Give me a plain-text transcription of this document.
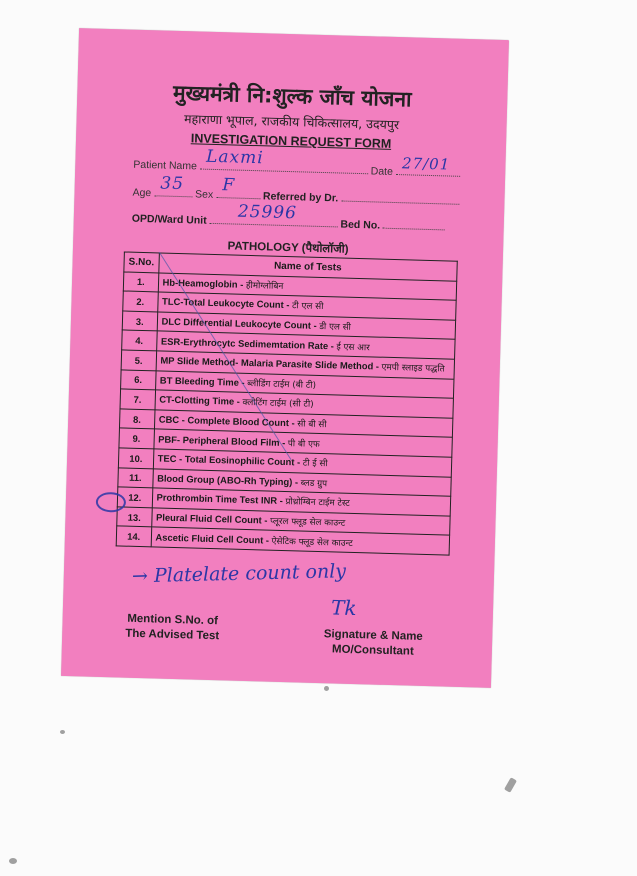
मुख्यमंत्री नि:शुल्क जाँच योजना
महाराणा भूपाल, राजकीय चिकित्सालय, उदयपुर
INVESTIGATION REQUEST FORM
Patient Name Laxmi
Date 27/01
Age 35
Sex F
Referred by Dr.
OPD/Ward Unit 25996
Bed No.
PATHOLOGY (पैथोलॉजी)
S.No.	Name of Tests
1.	Hb-Heamoglobin - हीमोग्लोबिन
2.	TLC-Total Leukocyte Count - टी एल सी
3.	DLC Differential Leukocyte Count - डी एल सी
4.	ESR-Erythrocytc Sedimemtation Rate - ई एस आर
5.	MP Slide Method- Malaria Parasite Slide Method - एमपी स्लाइड पद्धति
6.	BT Bleeding Time - ब्लीडिंग टाईम (बी टी)
7.	CT-Clotting Time - क्लोटिंग टाईम (सी टी)
8.	CBC - Complete Blood Count - सी बी सी
9.	PBF- Peripheral Blood Film - पी बी एफ
10.	TEC - Total Eosinophilic Count - टी ई सी
11.	Blood Group (ABO-Rh Typing) - ब्लड ग्रुप
12.	Prothrombin Time Test INR - प्रोथ्रोम्बिन टाईम टेस्ट
13.	Pleural Fluid Cell Count - प्लूरल फ्लूड सेल काउन्ट
14.	Ascetic Fluid Cell Count - ऐसेटिक फ्लूड सेल काउन्ट
→ Platelate count only
Tk
Mention S.No. of
The Advised Test	Signature & Name
MO/Consultant
